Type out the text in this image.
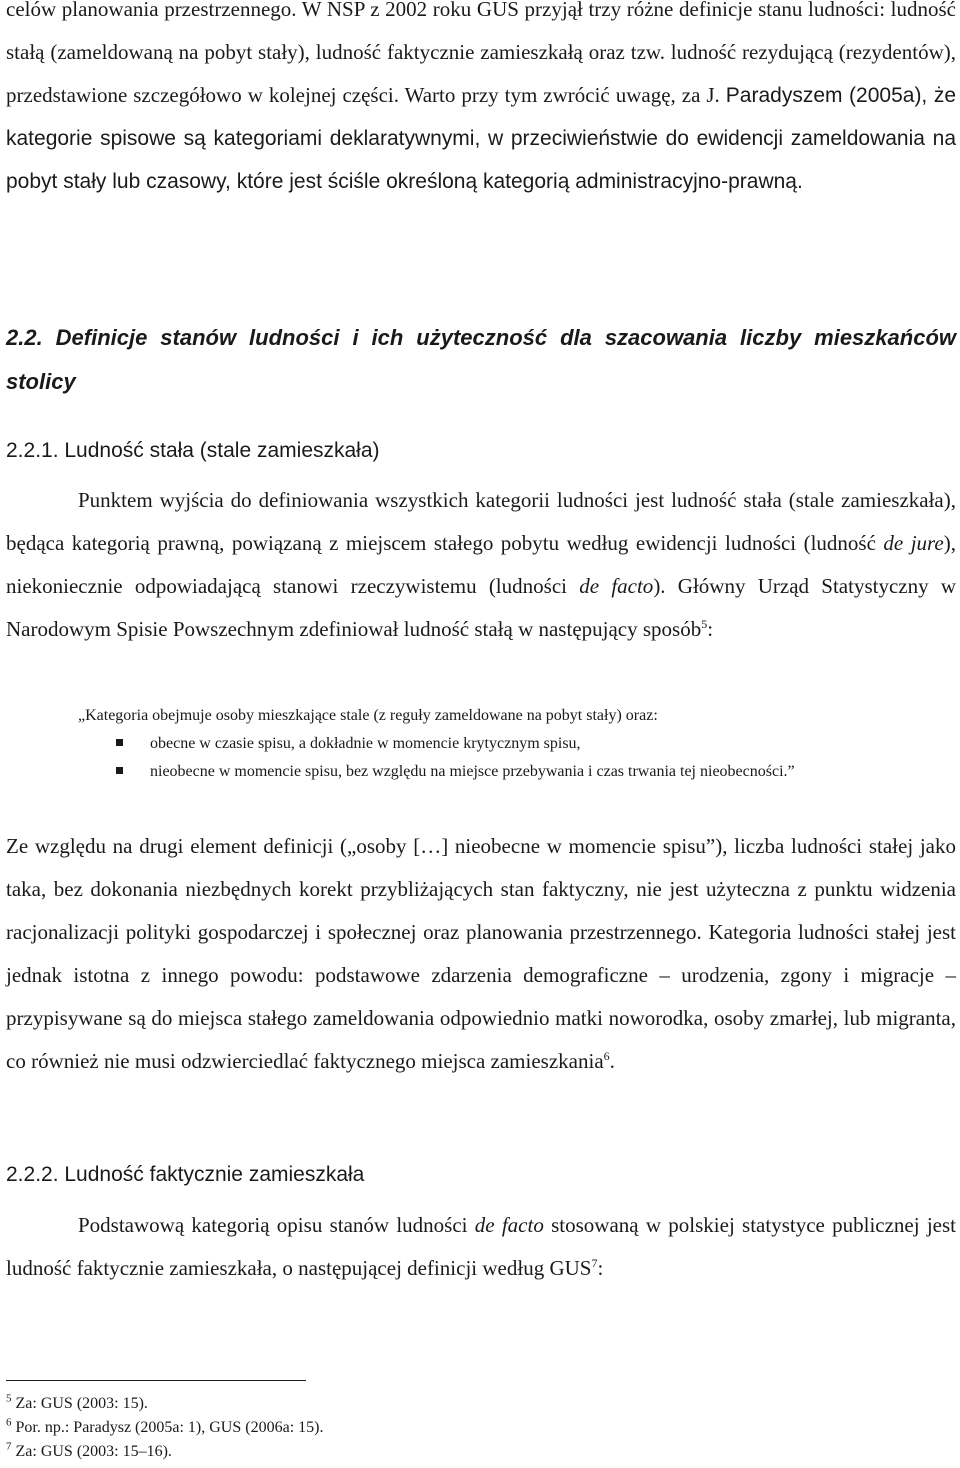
celów planowania przestrzennego. W NSP z 2002 roku GUS przyjął trzy różne definicje stanu ludności: ludność stałą (zameldowaną na pobyt stały), ludność faktycznie zamieszkałą oraz tzw. ludność rezydującą (rezydentów), przedstawione szczegółowo w kolejnej części. Warto przy tym zwrócić uwagę, za J. Paradyszem (2005a), że kategorie spisowe są kategoriami deklaratywnymi, w przeciwieństwie do ewidencji zameldowania na pobyt stały lub czasowy, które jest ściśle określoną kategorią administracyjno-prawną.

2.2. Definicje stanów ludności i ich użyteczność dla szacowania liczby mieszkańców stolicy

2.2.1. Ludność stała (stale zamieszkała)

Punktem wyjścia do definiowania wszystkich kategorii ludności jest ludność stała (stale zamieszkała), będąca kategorią prawną, powiązaną z miejscem stałego pobytu według ewidencji ludności (ludność de jure), niekoniecznie odpowiadającą stanowi rzeczywistemu (ludności de facto). Główny Urząd Statystyczny w Narodowym Spisie Powszechnym zdefiniował ludność stałą w następujący sposób$^5$:

„Kategoria obejmuje osoby mieszkające stale (z reguły zameldowane na pobyt stały) oraz:
obecne w czasie spisu, a dokładnie w momencie krytycznym spisu,
nieobecne w momencie spisu, bez względu na miejsce przebywania i czas trwania tej nieobecności.”

Ze względu na drugi element definicji („osoby […] nieobecne w momencie spisu”), liczba ludności stałej jako taka, bez dokonania niezbędnych korekt przybliżających stan faktyczny, nie jest użyteczna z punktu widzenia racjonalizacji polityki gospodarczej i społecznej oraz planowania przestrzennego. Kategoria ludności stałej jest jednak istotna z innego powodu: podstawowe zdarzenia demograficzne – urodzenia, zgony i migracje – przypisywane są do miejsca stałego zameldowania odpowiednio matki noworodka, osoby zmarłej, lub migranta, co również nie musi odzwierciedlać faktycznego miejsca zamieszkania$^6$.

2.2.2. Ludność faktycznie zamieszkała

Podstawową kategorią opisu stanów ludności de facto stosowaną w polskiej statystyce publicznej jest ludność faktycznie zamieszkała, o następującej definicji według GUS$^7$:

$^5$ Za: GUS (2003: 15).

$^6$ Por. np.: Paradysz (2005a: 1), GUS (2006a: 15).

$^7$ Za: GUS (2003: 15–16).
